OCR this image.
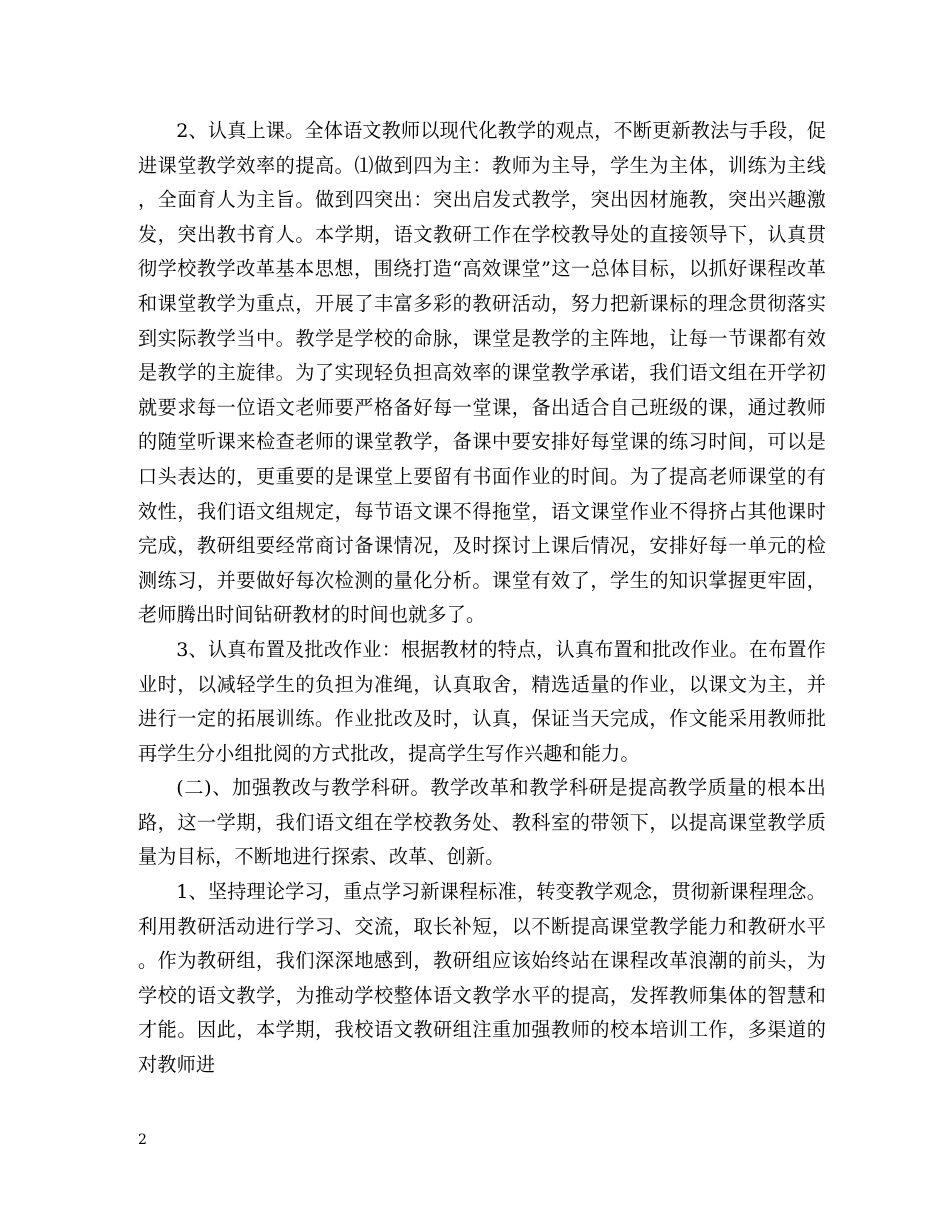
2、认真上课。全体语文教师以现代化教学的观点，不断更新教法与手段，促进课堂教学效率的提高。⑴做到四为主：教师为主导，学生为主体，训练为主线，全面育人为主旨。做到四突出：突出启发式教学，突出因材施教，突出兴趣激发，突出教书育人。本学期，语文教研工作在学校教导处的直接领导下，认真贯彻学校教学改革基本思想，围绕打造“高效课堂”这一总体目标，以抓好课程改革和课堂教学为重点，开展了丰富多彩的教研活动，努力把新课标的理念贯彻落实到实际教学当中。教学是学校的命脉，课堂是教学的主阵地，让每一节课都有效是教学的主旋律。为了实现轻负担高效率的课堂教学承诺，我们语文组在开学初就要求每一位语文老师要严格备好每一堂课，备出适合自己班级的课，通过教师的随堂听课来检查老师的课堂教学，备课中要安排好每堂课的练习时间，可以是口头表达的，更重要的是课堂上要留有书面作业的时间。为了提高老师课堂的有效性，我们语文组规定，每节语文课不得拖堂，语文课堂作业不得挤占其他课时完成，教研组要经常商讨备课情况，及时探讨上课后情况，安排好每一单元的检测练习，并要做好每次检测的量化分析。课堂有效了，学生的知识掌握更牢固，老师腾出时间钻研教材的时间也就多了。

3、认真布置及批改作业：根据教材的特点，认真布置和批改作业。在布置作业时，以减轻学生的负担为准绳，认真取舍，精选适量的作业，以课文为主，并进行一定的拓展训练。作业批改及时，认真，保证当天完成，作文能采用教师批再学生分小组批阅的方式批改，提高学生写作兴趣和能力。

(二)、加强教改与教学科研。教学改革和教学科研是提高教学质量的根本出路，这一学期，我们语文组在学校教务处、教科室的带领下，以提高课堂教学质量为目标，不断地进行探索、改革、创新。

1、坚持理论学习，重点学习新课程标准，转变教学观念，贯彻新课程理念。利用教研活动进行学习、交流，取长补短，以不断提高课堂教学能力和教研水平。作为教研组，我们深深地感到，教研组应该始终站在课程改革浪潮的前头，为学校的语文教学，为推动学校整体语文教学水平的提高，发挥教师集体的智慧和才能。因此，本学期，我校语文教研组注重加强教师的校本培训工作，多渠道的对教师进

2
